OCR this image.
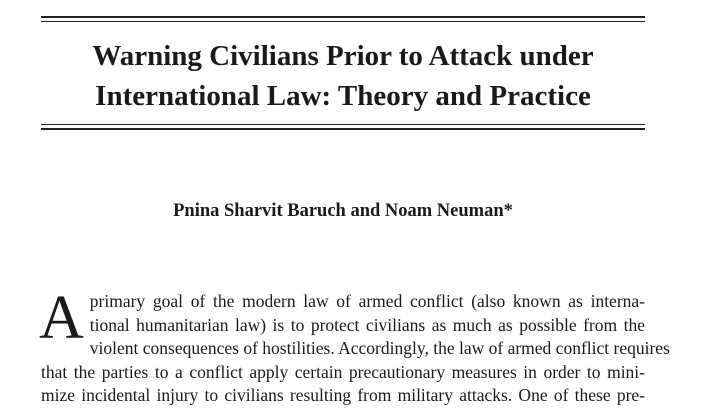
Warning Civilians Prior to Attack under
International Law: Theory and Practice

Pnina Sharvit Baruch and Noam Neuman*

A primary goal of the modern law of armed conflict (also known as interna-
tional humanitarian law) is to protect civilians as much as possible from the
violent consequences of hostilities. Accordingly, the law of armed conflict requires
that the parties to a conflict apply certain precautionary measures in order to mini-
mize incidental injury to civilians resulting from military attacks. One of these pre-
